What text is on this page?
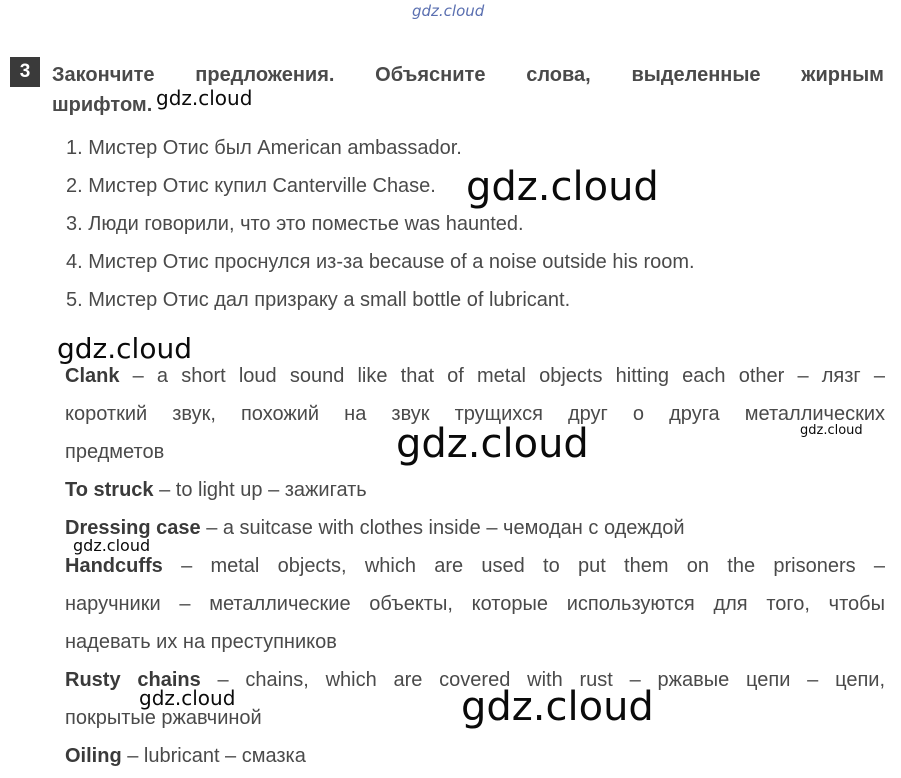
gdz.cloud
3	Закончите предложения. Объясните слова, выделенные жирным
шрифтом.
1. Мистер Отис был American ambassador.
2. Мистер Отис купил Canterville Chase.
3. Люди говорили, что это поместье was haunted.
4. Мистер Отис проснулся из-за because of a noise outside his room.
5. Мистер Отис дал призраку a small bottle of lubricant.
Clank – a short loud sound like that of metal objects hitting each other – лязг –
короткий звук, похожий на звук трущихся друг о друга металлических
предметов
To struck – to light up – зажигать
Dressing case – a suitcase with clothes inside – чемодан с одеждой
Handcuffs – metal objects, which are used to put them on the prisoners –
наручники – металлические объекты, которые используются для того, чтобы
надевать их на преступников
Rusty chains – chains, which are covered with rust – ржавые цепи – цепи,
покрытые ржавчиной
Oiling – lubricant – смазка
gdz.cloud
gdz.cloud
gdz.cloud
gdz.cloud	gdz.cloud
gdz.cloud
gdz.cloud	gdz.cloud
